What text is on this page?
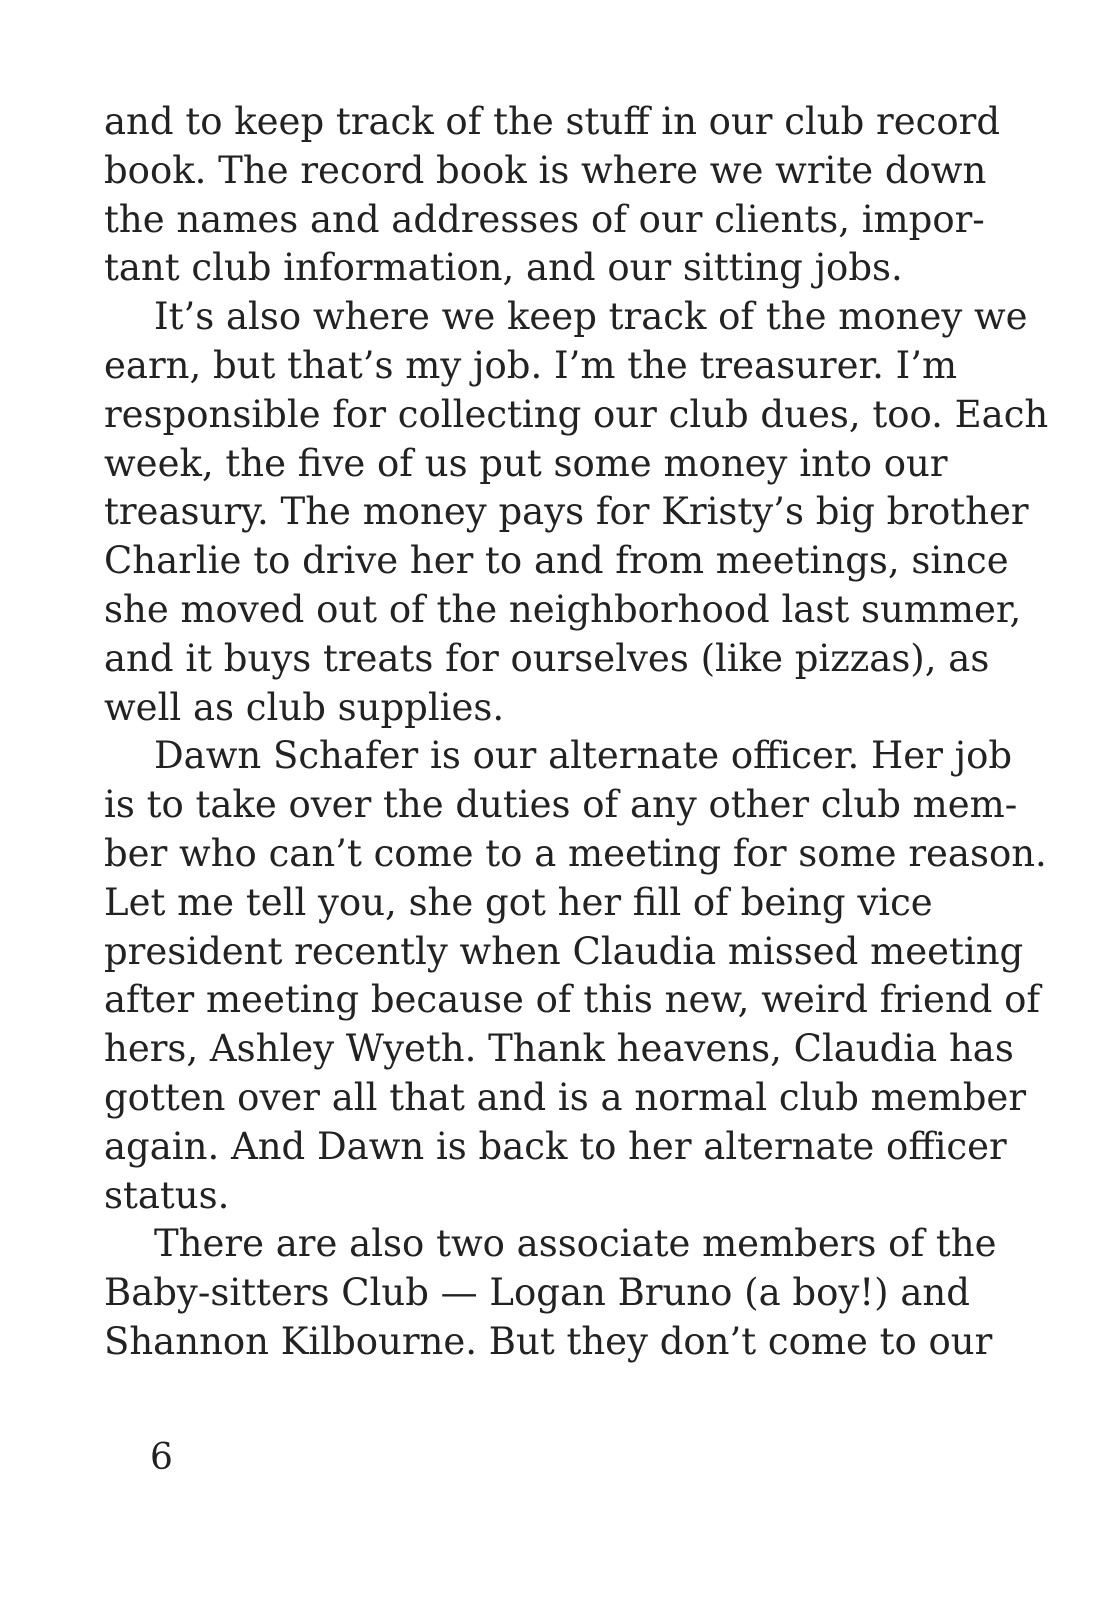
and to keep track of the stuff in our club record
book. The record book is where we write down
the names and addresses of our clients, impor-
tant club information, and our sitting jobs.
It’s also where we keep track of the money we
earn, but that’s my job. I’m the treasurer. I’m
responsible for collecting our club dues, too. Each
week, the five of us put some money into our
treasury. The money pays for Kristy’s big brother
Charlie to drive her to and from meetings, since
she moved out of the neighborhood last summer,
and it buys treats for ourselves (like pizzas), as
well as club supplies.
Dawn Schafer is our alternate officer. Her job
is to take over the duties of any other club mem-
ber who can’t come to a meeting for some reason.
Let me tell you, she got her fill of being vice
president recently when Claudia missed meeting
after meeting because of this new, weird friend of
hers, Ashley Wyeth. Thank heavens, Claudia has
gotten over all that and is a normal club member
again. And Dawn is back to her alternate officer
status.
There are also two associate members of the
Baby-sitters Club — Logan Bruno (a boy!) and
Shannon Kilbourne. But they don’t come to our
6
